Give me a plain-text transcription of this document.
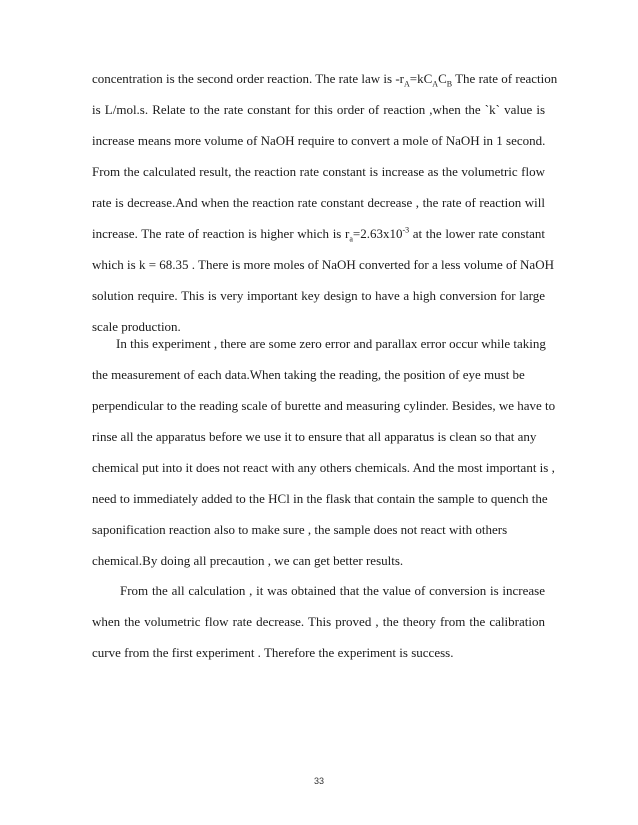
concentration is the second order reaction. The rate law is $-r_A=kC_AC_B$ The rate of reaction
is L/mol.s. Relate to the rate constant for this order of reaction ,when the `k` value is
increase means more volume of NaOH require to convert a mole of NaOH in 1 second.
From the calculated result, the reaction rate constant is increase as the volumetric flow
rate is decrease.And when the reaction rate constant decrease , the rate of reaction will
increase. The rate of reaction is higher which is $r_a=2.63x10^{-3}$ at the lower rate constant
which is k = 68.35 . There is more moles of NaOH converted for a less volume of NaOH
solution require. This is very important key design to have a high conversion for large
scale production.
In this experiment , there are some zero error and parallax error occur while taking
the measurement of each data.When taking the reading, the position of eye must be
perpendicular to the reading scale of burette and measuring cylinder. Besides, we have to
rinse all the apparatus before we use it to ensure that all apparatus is clean so that any
chemical put into it does not react with any others chemicals. And the most important is ,
need to immediately added to the HCl in the flask that contain the sample to quench the
saponification reaction also to make sure , the sample does not react with others
chemical.By doing all precaution , we can get better results.
From the all calculation , it was obtained that the value of conversion is increase
when the volumetric flow rate decrease. This proved , the theory from the calibration
curve from the first experiment . Therefore the experiment is success.
33
